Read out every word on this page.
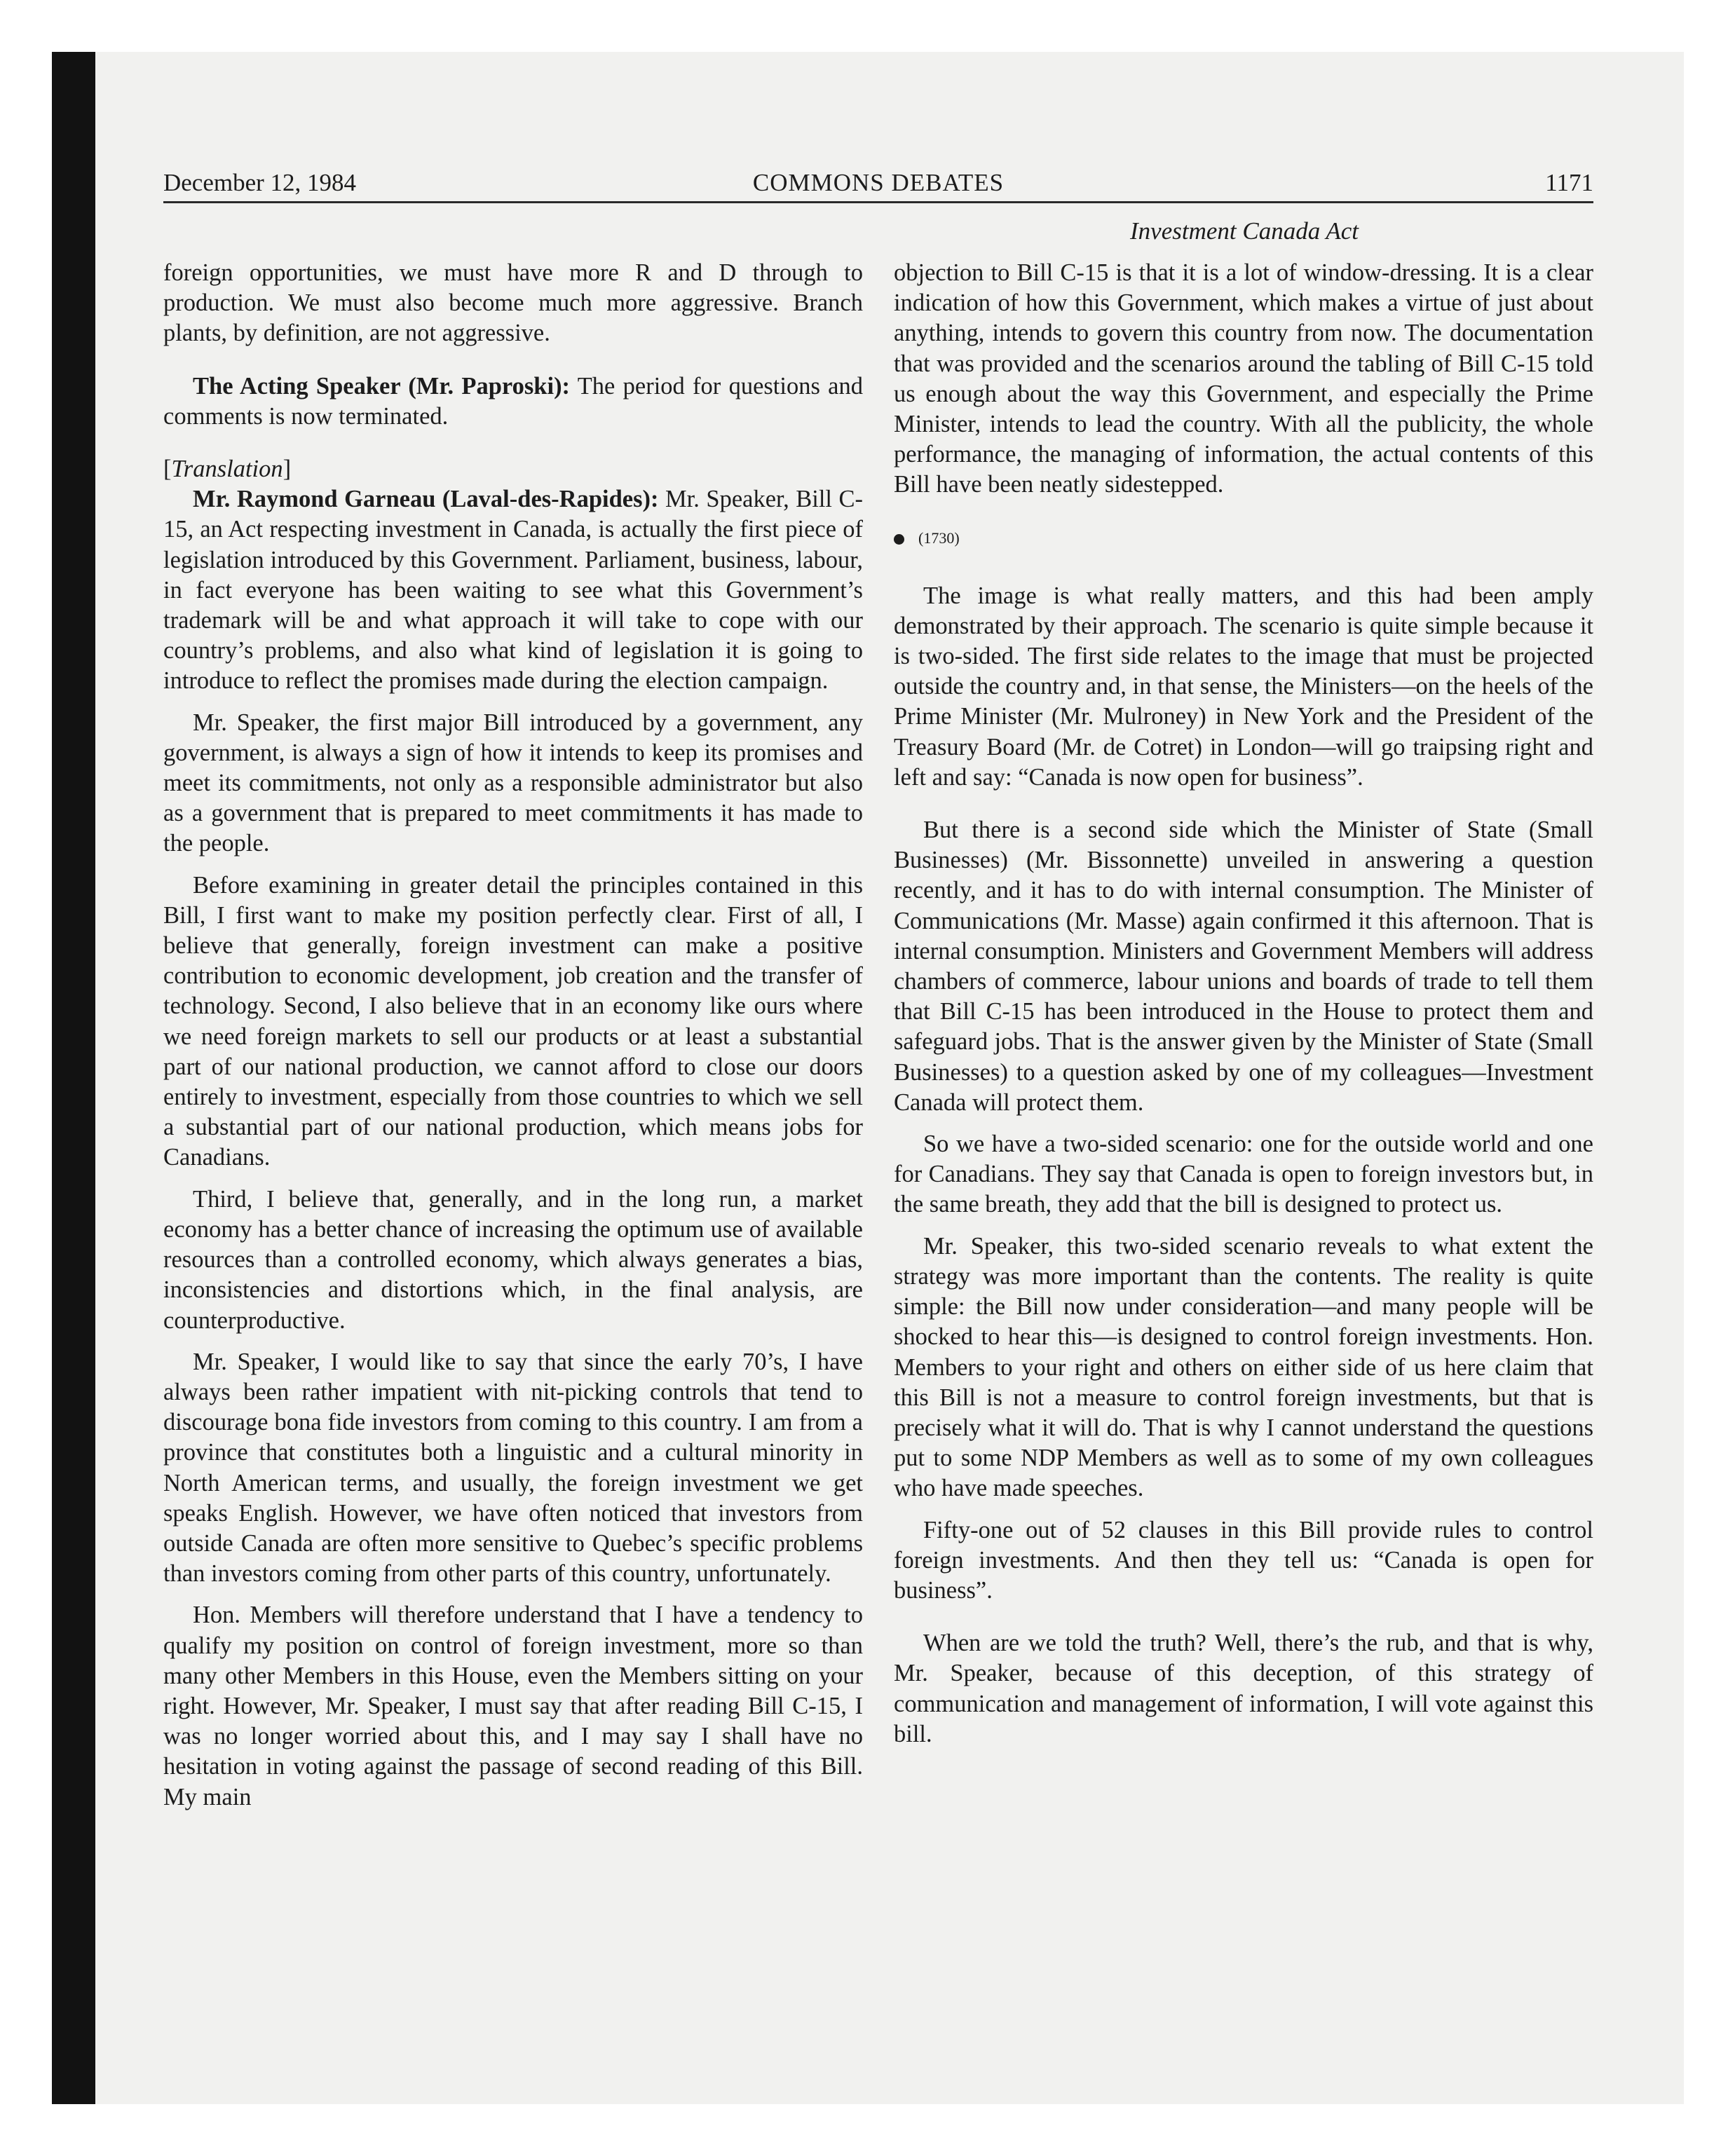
December 12, 1984	COMMONS DEBATES	1171
Investment Canada Act

foreign opportunities, we must have more R and D through to production. We must also become much more aggressive. Branch plants, by definition, are not aggressive.

The Acting Speaker (Mr. Paproski): The period for questions and comments is now terminated.

[Translation]

Mr. Raymond Garneau (Laval-des-Rapides): Mr. Speaker, Bill C-15, an Act respecting investment in Canada, is actually the first piece of legislation introduced by this Government. Parliament, business, labour, in fact everyone has been waiting to see what this Government’s trademark will be and what approach it will take to cope with our country’s problems, and also what kind of legislation it is going to introduce to reflect the promises made during the election campaign.

Mr. Speaker, the first major Bill introduced by a government, any government, is always a sign of how it intends to keep its promises and meet its commitments, not only as a responsible administrator but also as a government that is prepared to meet commitments it has made to the people.

Before examining in greater detail the principles contained in this Bill, I first want to make my position perfectly clear. First of all, I believe that generally, foreign investment can make a positive contribution to economic development, job creation and the transfer of technology. Second, I also believe that in an economy like ours where we need foreign markets to sell our products or at least a substantial part of our national production, we cannot afford to close our doors entirely to investment, especially from those countries to which we sell a substantial part of our national production, which means jobs for Canadians.

Third, I believe that, generally, and in the long run, a market economy has a better chance of increasing the optimum use of available resources than a controlled economy, which always generates a bias, inconsistencies and distortions which, in the final analysis, are counterproductive.

Mr. Speaker, I would like to say that since the early 70’s, I have always been rather impatient with nit-picking controls that tend to discourage bona fide investors from coming to this country. I am from a province that constitutes both a linguistic and a cultural minority in North American terms, and usually, the foreign investment we get speaks English. However, we have often noticed that investors from outside Canada are often more sensitive to Quebec’s specific problems than investors coming from other parts of this country, unfortunately.

Hon. Members will therefore understand that I have a tendency to qualify my position on control of foreign investment, more so than many other Members in this House, even the Members sitting on your right. However, Mr. Speaker, I must say that after reading Bill C-15, I was no longer worried about this, and I may say I shall have no hesitation in voting against the passage of second reading of this Bill. My main

objection to Bill C-15 is that it is a lot of window-dressing. It is a clear indication of how this Government, which makes a virtue of just about anything, intends to govern this country from now. The documentation that was provided and the scenarios around the tabling of Bill C-15 told us enough about the way this Government, and especially the Prime Minister, intends to lead the country. With all the publicity, the whole performance, the managing of information, the actual contents of this Bill have been neatly sidestepped.

(1730)

The image is what really matters, and this had been amply demonstrated by their approach. The scenario is quite simple because it is two-sided. The first side relates to the image that must be projected outside the country and, in that sense, the Ministers—on the heels of the Prime Minister (Mr. Mulroney) in New York and the President of the Treasury Board (Mr. de Cotret) in London—will go traipsing right and left and say: “Canada is now open for business”.

But there is a second side which the Minister of State (Small Businesses) (Mr. Bissonnette) unveiled in answering a question recently, and it has to do with internal consumption. The Minister of Communications (Mr. Masse) again confirmed it this afternoon. That is internal consumption. Ministers and Government Members will address chambers of commerce, labour unions and boards of trade to tell them that Bill C-15 has been introduced in the House to protect them and safeguard jobs. That is the answer given by the Minister of State (Small Businesses) to a question asked by one of my colleagues—Investment Canada will protect them.

So we have a two-sided scenario: one for the outside world and one for Canadians. They say that Canada is open to foreign investors but, in the same breath, they add that the bill is designed to protect us.

Mr. Speaker, this two-sided scenario reveals to what extent the strategy was more important than the contents. The reality is quite simple: the Bill now under consideration—and many people will be shocked to hear this—is designed to control foreign investments. Hon. Members to your right and others on either side of us here claim that this Bill is not a measure to control foreign investments, but that is precisely what it will do. That is why I cannot understand the questions put to some NDP Members as well as to some of my own colleagues who have made speeches.

Fifty-one out of 52 clauses in this Bill provide rules to control foreign investments. And then they tell us: “Canada is open for business”.

When are we told the truth? Well, there’s the rub, and that is why, Mr. Speaker, because of this deception, of this strategy of communication and management of information, I will vote against this bill.
